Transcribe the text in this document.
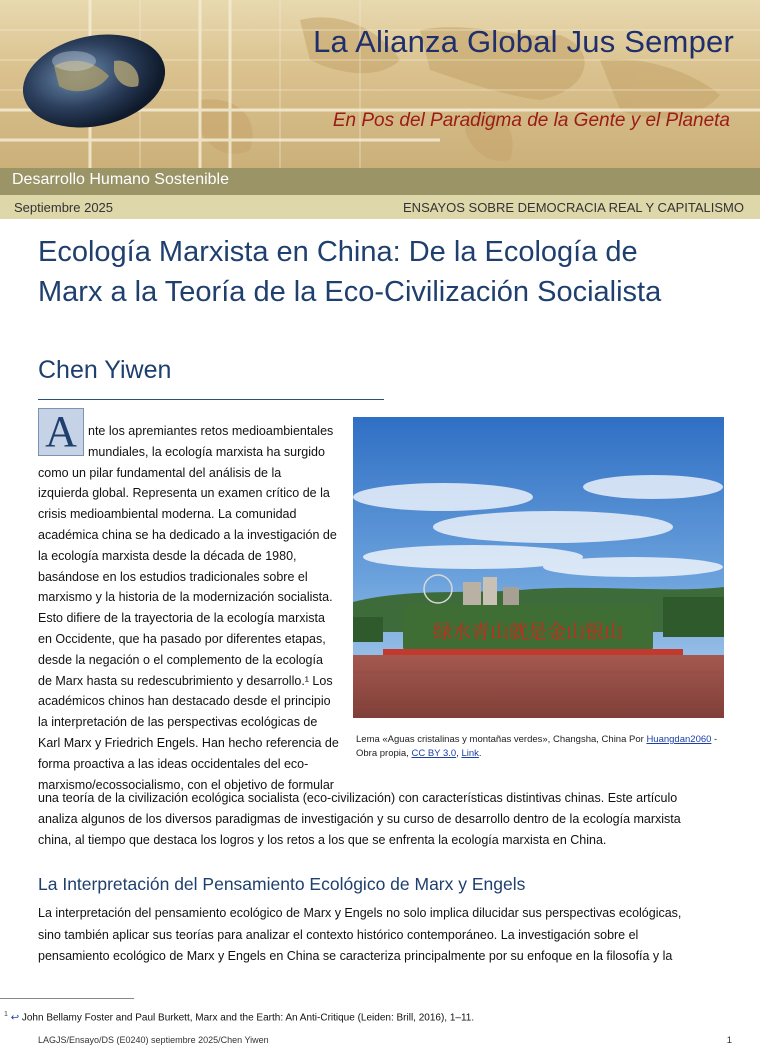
La Alianza Global Jus Semper
En Pos del Paradigma de la Gente y el Planeta
Desarrollo Humano Sostenible
Septiembre 2025	ENSAYOS SOBRE DEMOCRACIA REAL Y CAPITALISMO
Ecología Marxista en China: De la Ecología de
Marx a la Teoría de la Eco-Civilización Socialista
Chen Yiwen
A nte los apremiantes retos medioambientales
mundiales, la ecología marxista ha surgido
como un pilar fundamental del análisis de la
izquierda global. Representa un examen crítico de la
crisis medioambiental moderna. La comunidad
académica china se ha dedicado a la investigación de
la ecología marxista desde la década de 1980,
basándose en los estudios tradicionales sobre el
marxismo y la historia de la modernización socialista.
Esto difiere de la trayectoria de la ecología marxista
en Occidente, que ha pasado por diferentes etapas,
desde la negación o el complemento de la ecología
de Marx hasta su redescubrimiento y desarrollo.¹ Los
académicos chinos han destacado desde el principio
la interpretación de las perspectivas ecológicas de
Karl Marx y Friedrich Engels. Han hecho referencia de
forma proactiva a las ideas occidentales del eco-
marxismo/ecossocialismo, con el objetivo de formular
绿水青山就是金山银山
Lema «Aguas cristalinas y montañas verdes», Changsha, China Por Huangdan2060 - Obra propia, CC BY 3.0, Link.
una teoría de la civilización ecológica socialista (eco-civilización) con características distintivas chinas. Este artículo
analiza algunos de los diversos paradigmas de investigación y su curso de desarrollo dentro de la ecología marxista
china, al tiempo que destaca los logros y los retos a los que se enfrenta la ecología marxista en China.
La Interpretación del Pensamiento Ecológico de Marx y Engels
La interpretación del pensamiento ecológico de Marx y Engels no solo implica dilucidar sus perspectivas ecológicas,
sino también aplicar sus teorías para analizar el contexto histórico contemporáneo. La investigación sobre el
pensamiento ecológico de Marx y Engels en China se caracteriza principalmente por su enfoque en la filosofía y la
$^1$ ↩ John Bellamy Foster and Paul Burkett, Marx and the Earth: An Anti-Critique (Leiden: Brill, 2016), 1–11.
LAGJS/Ensayo/DS (E0240) septiembre 2025/Chen Yiwen	1
